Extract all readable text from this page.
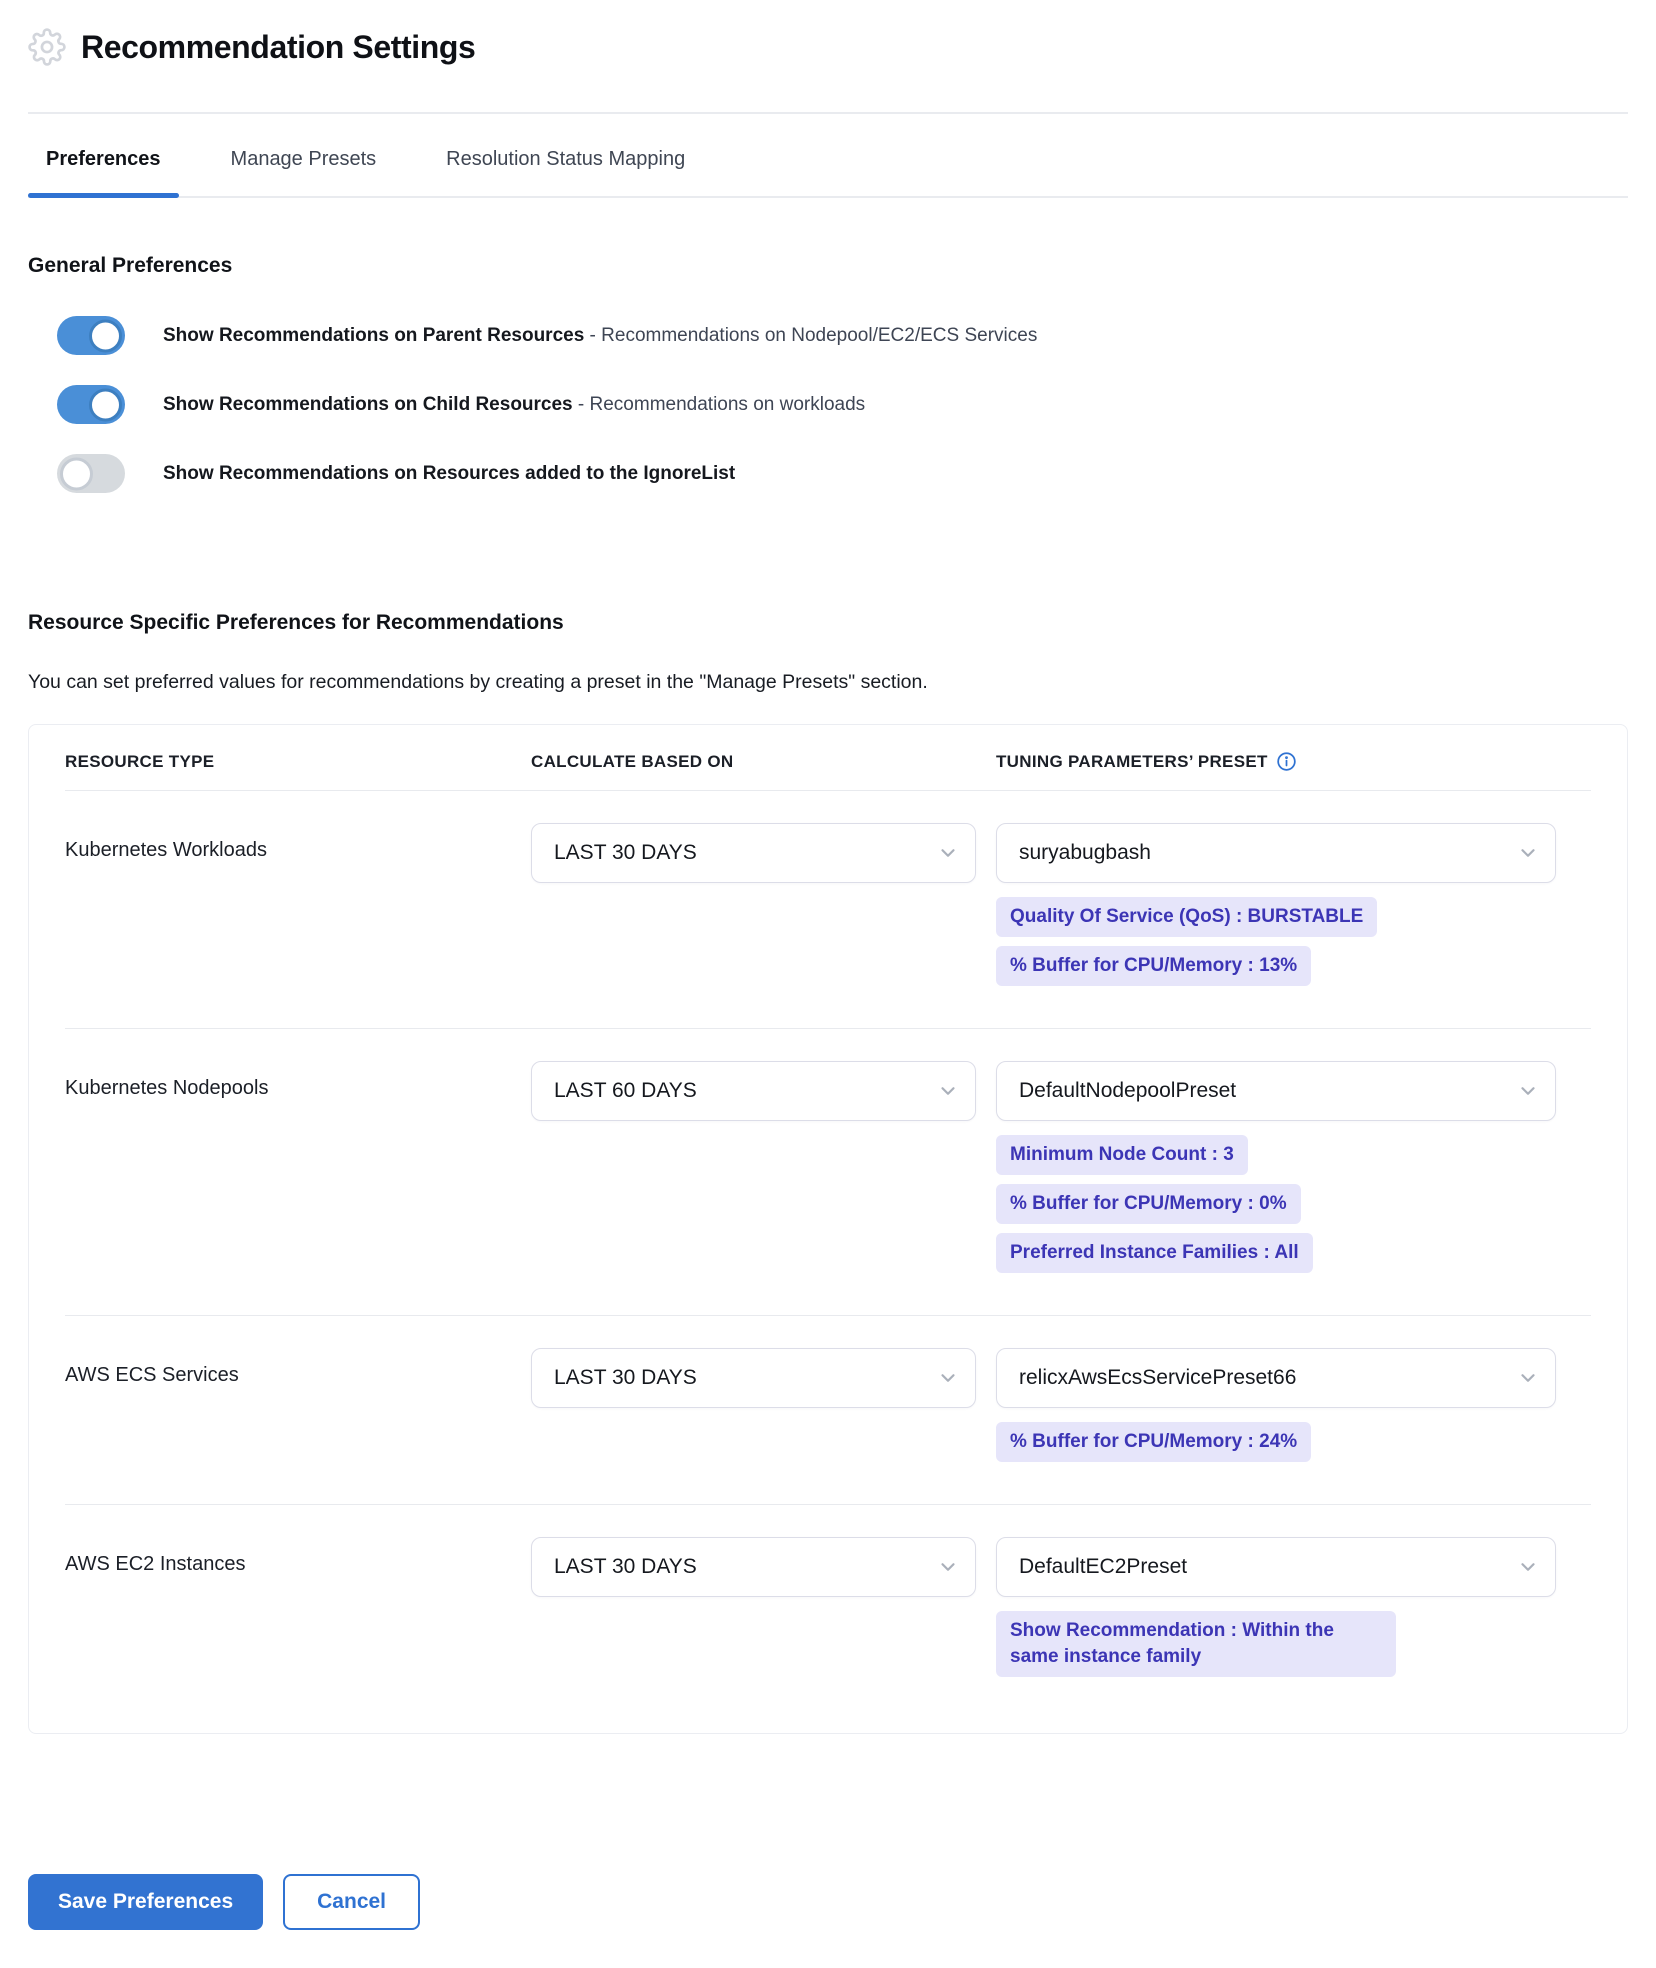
Recommendation Settings
Preferences	Manage Presets	Resolution Status Mapping
General Preferences
Show Recommendations on Parent Resources - Recommendations on Nodepool/EC2/ECS Services
Show Recommendations on Child Resources - Recommendations on workloads
Show Recommendations on Resources added to the IgnoreList
Resource Specific Preferences for Recommendations
You can set preferred values for recommendations by creating a preset in the "Manage Presets" section.
RESOURCE TYPE	CALCULATE BASED ON	TUNING PARAMETERS’ PRESET
Kubernetes Workloads	LAST 30 DAYS	suryabugbash
Quality Of Service (QoS) : BURSTABLE
% Buffer for CPU/Memory : 13%
Kubernetes Nodepools	LAST 60 DAYS	DefaultNodepoolPreset
Minimum Node Count : 3
% Buffer for CPU/Memory : 0%
Preferred Instance Families : All
AWS ECS Services	LAST 30 DAYS	relicxAwsEcsServicePreset66
% Buffer for CPU/Memory : 24%
AWS EC2 Instances	LAST 30 DAYS	DefaultEC2Preset
Show Recommendation : Within the same instance family
Save Preferences	Cancel
